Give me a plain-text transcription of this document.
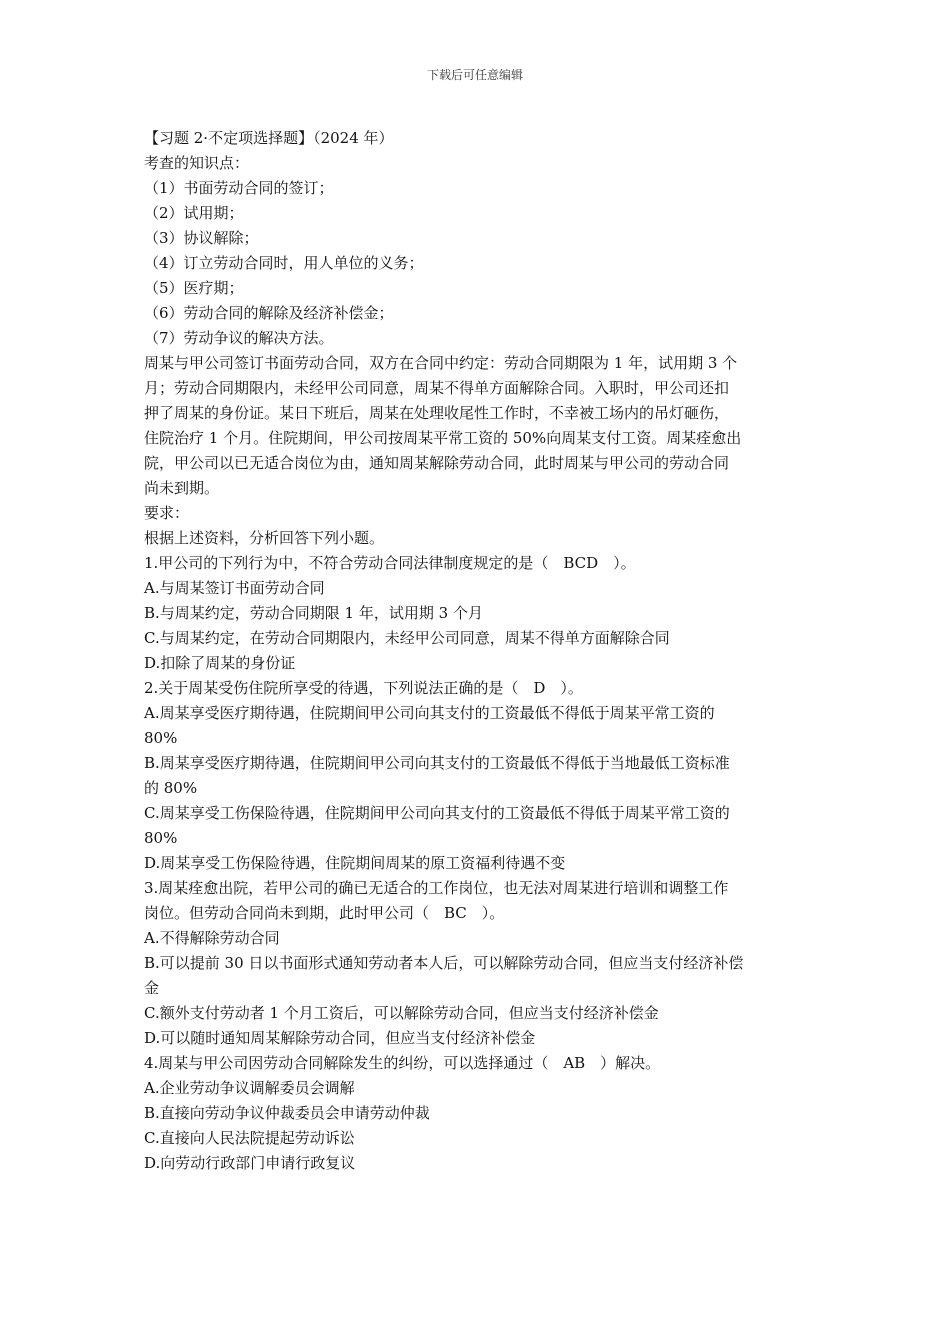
下载后可任意编辑
【习题 2·不定项选择题】（2024 年）
考查的知识点：
（1）书面劳动合同的签订；
（2）试用期；
（3）协议解除；
（4）订立劳动合同时，用人单位的义务；
（5）医疗期；
（6）劳动合同的解除及经济补偿金；
（7）劳动争议的解决方法。
周某与甲公司签订书面劳动合同，双方在合同中约定：劳动合同期限为 1 年，试用期 3 个
月；劳动合同期限内，未经甲公司同意，周某不得单方面解除合同。入职时，甲公司还扣
押了周某的身份证。某日下班后，周某在处理收尾性工作时，不幸被工场内的吊灯砸伤，
住院治疗 1 个月。住院期间，甲公司按周某平常工资的 50%向周某支付工资。周某痊愈出
院，甲公司以已无适合岗位为由，通知周某解除劳动合同，此时周某与甲公司的劳动合同
尚未到期。
要求：
根据上述资料，分析回答下列小题。
1.甲公司的下列行为中，不符合劳动合同法律制度规定的是（　BCD　）。
A.与周某签订书面劳动合同
B.与周某约定，劳动合同期限 1 年，试用期 3 个月
C.与周某约定，在劳动合同期限内，未经甲公司同意，周某不得单方面解除合同
D.扣除了周某的身份证
2.关于周某受伤住院所享受的待遇，下列说法正确的是（　D　）。
A.周某享受医疗期待遇，住院期间甲公司向其支付的工资最低不得低于周某平常工资的
80%
B.周某享受医疗期待遇，住院期间甲公司向其支付的工资最低不得低于当地最低工资标准
的 80%
C.周某享受工伤保险待遇，住院期间甲公司向其支付的工资最低不得低于周某平常工资的
80%
D.周某享受工伤保险待遇，住院期间周某的原工资福利待遇不变
3.周某痊愈出院，若甲公司的确已无适合的工作岗位，也无法对周某进行培训和调整工作
岗位。但劳动合同尚未到期，此时甲公司（　BC　）。
A.不得解除劳动合同
B.可以提前 30 日以书面形式通知劳动者本人后，可以解除劳动合同，但应当支付经济补偿
金
C.额外支付劳动者 1 个月工资后，可以解除劳动合同，但应当支付经济补偿金
D.可以随时通知周某解除劳动合同，但应当支付经济补偿金
4.周某与甲公司因劳动合同解除发生的纠纷，可以选择通过（　AB　）解决。
A.企业劳动争议调解委员会调解
B.直接向劳动争议仲裁委员会申请劳动仲裁
C.直接向人民法院提起劳动诉讼
D.向劳动行政部门申请行政复议
